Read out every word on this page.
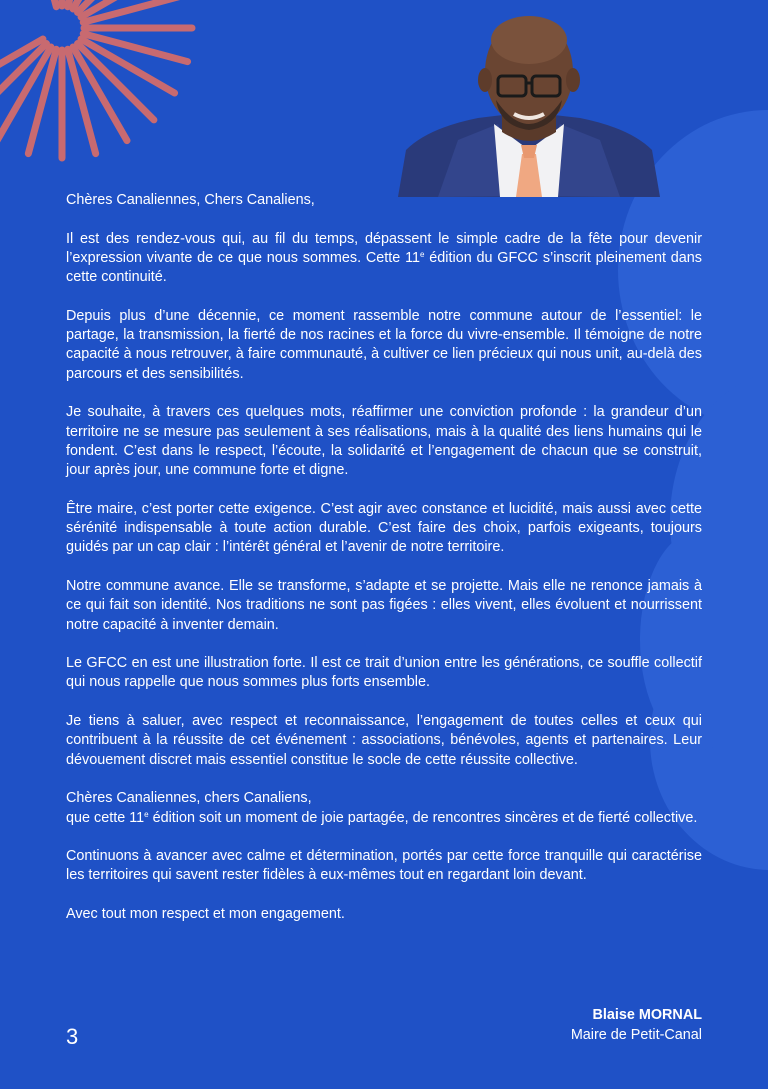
Chères Canaliennes, Chers Canaliens,

Il est des rendez-vous qui, au fil du temps, dépassent le simple cadre de la fête pour devenir l’expression vivante de ce que nous sommes. Cette 11e édition du GFCC s’inscrit pleinement dans cette continuité.

Depuis plus d’une décennie, ce moment rassemble notre commune autour de l’essentiel: le partage, la transmission, la fierté de nos racines et la force du vivre-ensemble. Il témoigne de notre capacité à nous retrouver, à faire communauté, à cultiver ce lien précieux qui nous unit, au-delà des parcours et des sensibilités.

Je souhaite, à travers ces quelques mots, réaffirmer une conviction profonde : la grandeur d’un territoire ne se mesure pas seulement à ses réalisations, mais à la qualité des liens humains qui le fondent. C’est dans le respect, l’écoute, la solidarité et l’engagement de chacun que se construit, jour après jour, une commune forte et digne.

Être maire, c’est porter cette exigence. C’est agir avec constance et lucidité, mais aussi avec cette sérénité indispensable à toute action durable. C’est faire des choix, parfois exigeants, toujours guidés par un cap clair : l’intérêt général et l’avenir de notre territoire.

Notre commune avance. Elle se transforme, s’adapte et se projette. Mais elle ne renonce jamais à ce qui fait son identité. Nos traditions ne sont pas figées : elles vivent, elles évoluent et nourrissent notre capacité à inventer demain.

Le GFCC en est une illustration forte. Il est ce trait d’union entre les générations, ce souffle collectif qui nous rappelle que nous sommes plus forts ensemble.

Je tiens à saluer, avec respect et reconnaissance, l’engagement de toutes celles et ceux qui contribuent à la réussite de cet événement : associations, bénévoles, agents et partenaires. Leur dévouement discret mais essentiel constitue le socle de cette réussite collective.

Chères Canaliennes, chers Canaliens,
que cette 11e édition soit un moment de joie partagée, de rencontres sincères et de fierté collective.

Continuons à avancer avec calme et détermination, portés par cette force tranquille qui caractérise les territoires qui savent rester fidèles à eux-mêmes tout en regardant loin devant.

Avec tout mon respect et mon engagement.

Blaise MORNAL
Maire de Petit-Canal
3
